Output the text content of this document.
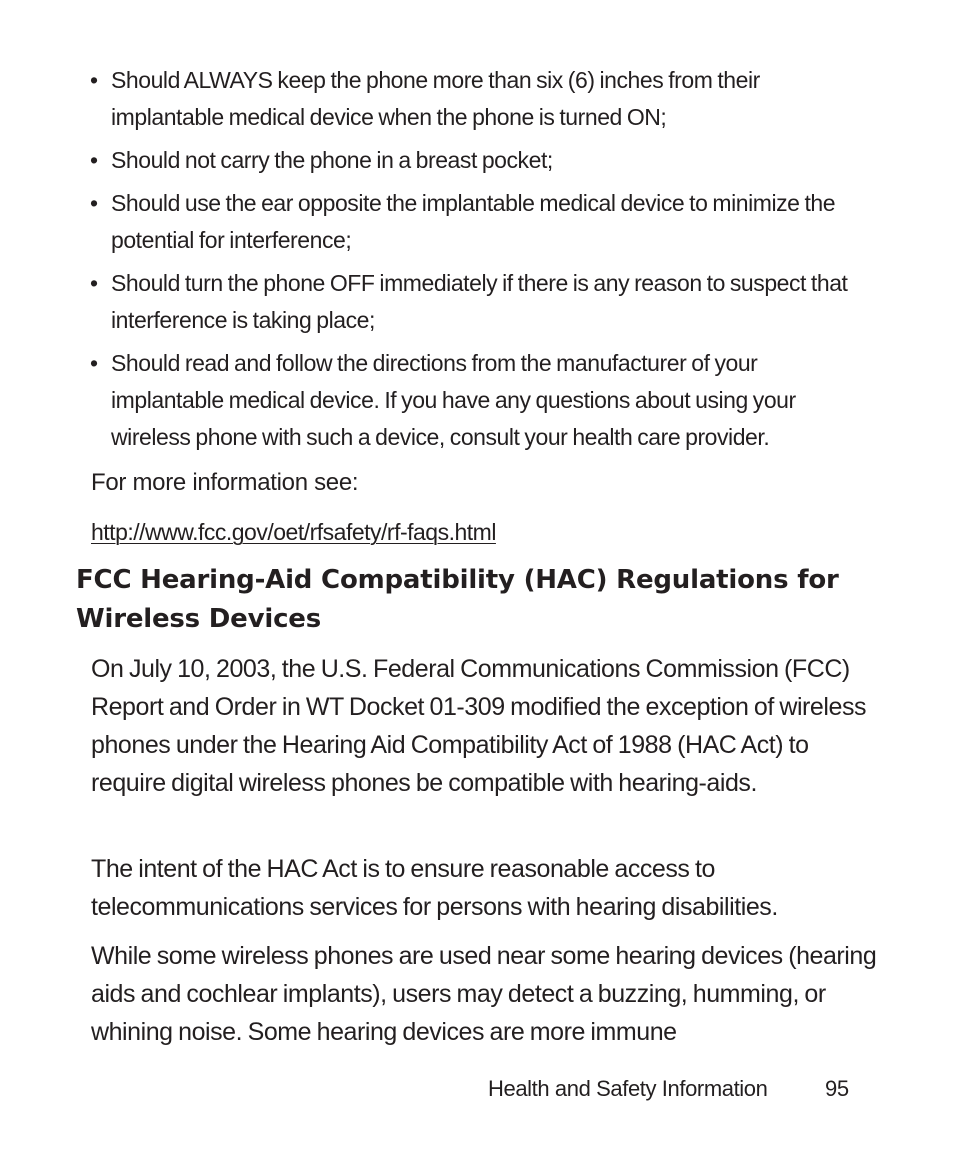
• Should ALWAYS keep the phone more than six (6) inches from their implantable medical device when the phone is turned ON;
• Should not carry the phone in a breast pocket;
• Should use the ear opposite the implantable medical device to minimize the potential for interference;
• Should turn the phone OFF immediately if there is any reason to suspect that interference is taking place;
• Should read and follow the directions from the manufacturer of your implantable medical device. If you have any questions about using your wireless phone with such a device, consult your health care provider.

For more information see:

http://www.fcc.gov/oet/rfsafety/rf-faqs.html
FCC Hearing-Aid Compatibility (HAC) Regulations for Wireless Devices

On July 10, 2003, the U.S. Federal Communications Commission (FCC) Report and Order in WT Docket 01-309 modified the exception of wireless phones under the Hearing Aid Compatibility Act of 1988 (HAC Act) to require digital wireless phones be compatible with hearing-aids.

The intent of the HAC Act is to ensure reasonable access to telecommunications services for persons with hearing disabilities.

While some wireless phones are used near some hearing devices (hearing aids and cochlear implants), users may detect a buzzing, humming, or whining noise. Some hearing devices are more immune

Health and Safety Information	95
